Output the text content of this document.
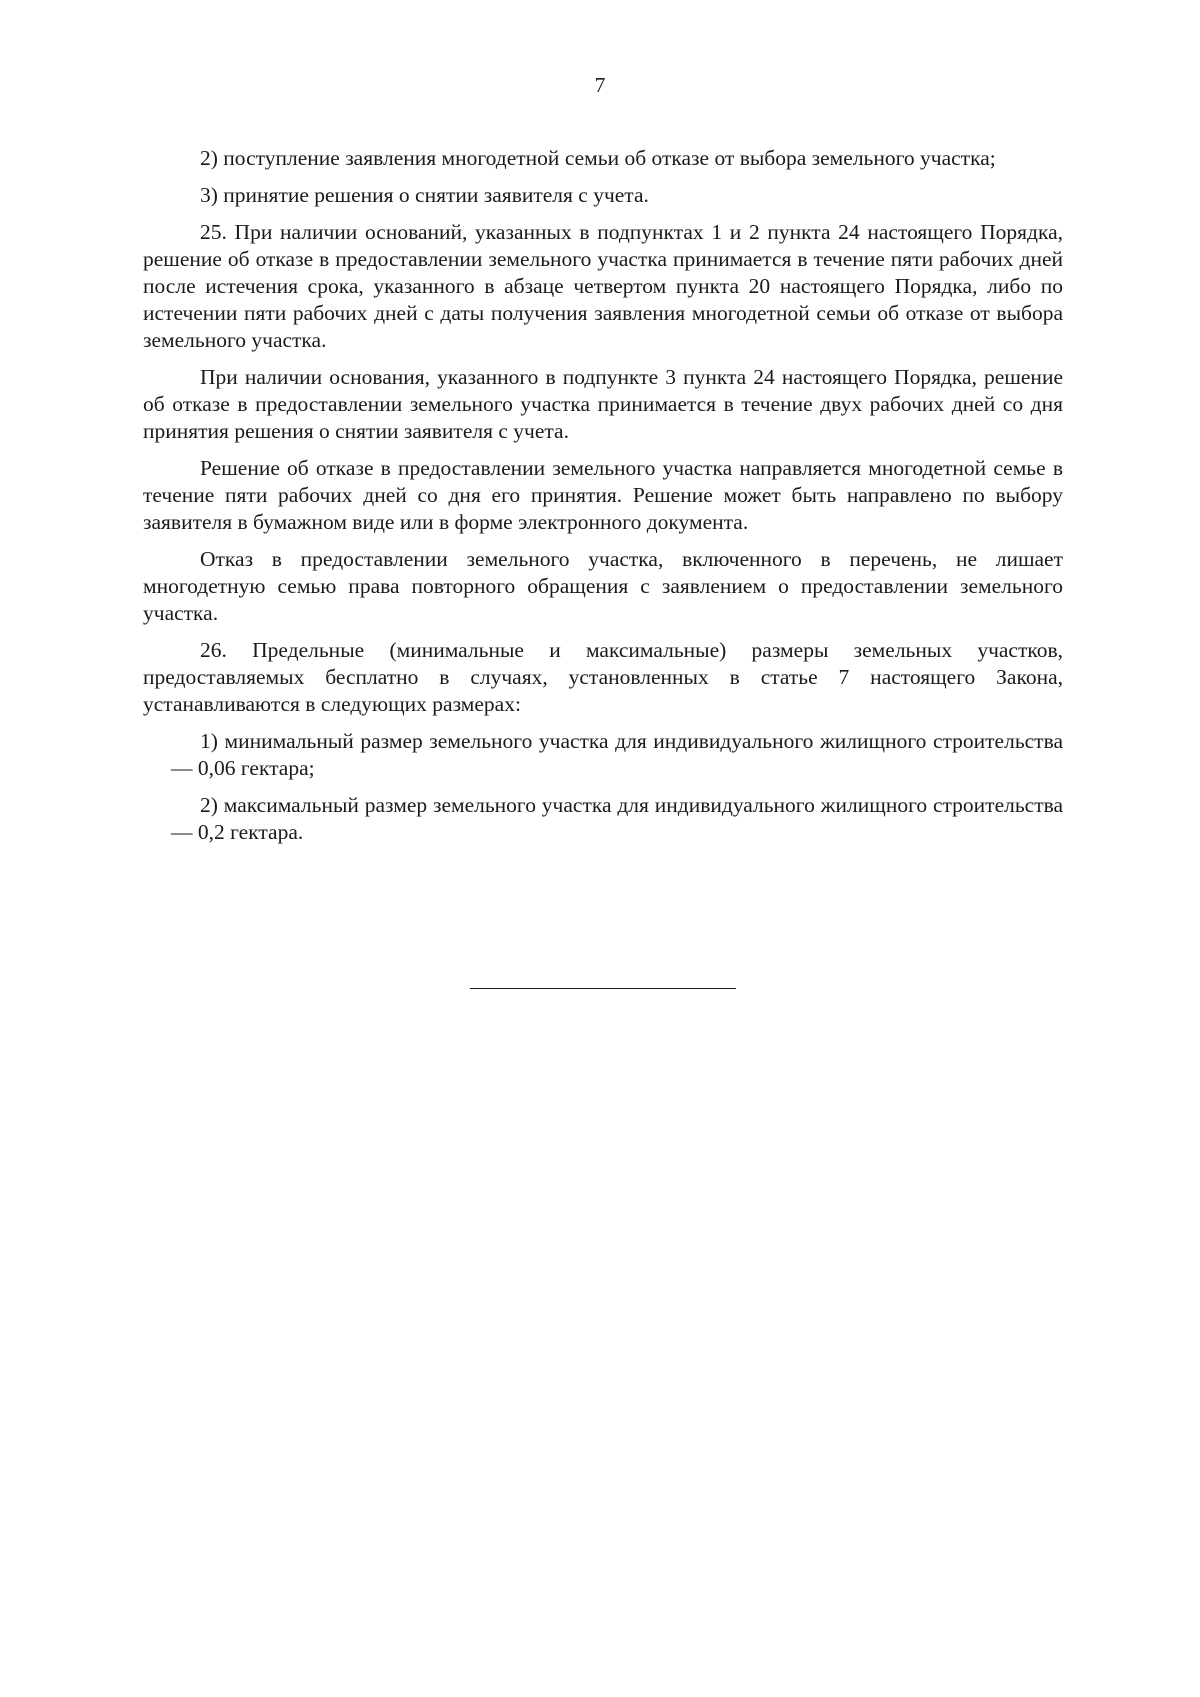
7

2) поступление заявления многодетной семьи об отказе от выбора земельного участка;

3) принятие решения о снятии заявителя с учета.

25. При наличии оснований, указанных в подпунктах 1 и 2 пункта 24 настоящего Порядка, решение об отказе в предоставлении земельного участка принимается в течение пяти рабочих дней после истечения срока, указанного в абзаце четвертом пункта 20 настоящего Порядка, либо по истечении пяти рабочих дней с даты получения заявления многодетной семьи об отказе от выбора земельного участка.

При наличии основания, указанного в подпункте 3 пункта 24 настоящего Порядка, решение об отказе в предоставлении земельного участка принимается в течение двух рабочих дней со дня принятия решения о снятии заявителя с учета.

Решение об отказе в предоставлении земельного участка направляется многодетной семье в течение пяти рабочих дней со дня его принятия. Решение может быть направлено по выбору заявителя в бумажном виде или в форме электронного документа.

Отказ в предоставлении земельного участка, включенного в перечень, не лишает многодетную семью права повторного обращения с заявлением о предоставлении земельного участка.

26. Предельные (минимальные и максимальные) размеры земельных участков, предоставляемых бесплатно в случаях, установленных в статье 7 настоящего Закона, устанавливаются в следующих размерах:

1) минимальный размер земельного участка для индивидуального жилищного строительства — 0,06 гектара;

2) максимальный размер земельного участка для индивидуального жилищного строительства — 0,2 гектара.
